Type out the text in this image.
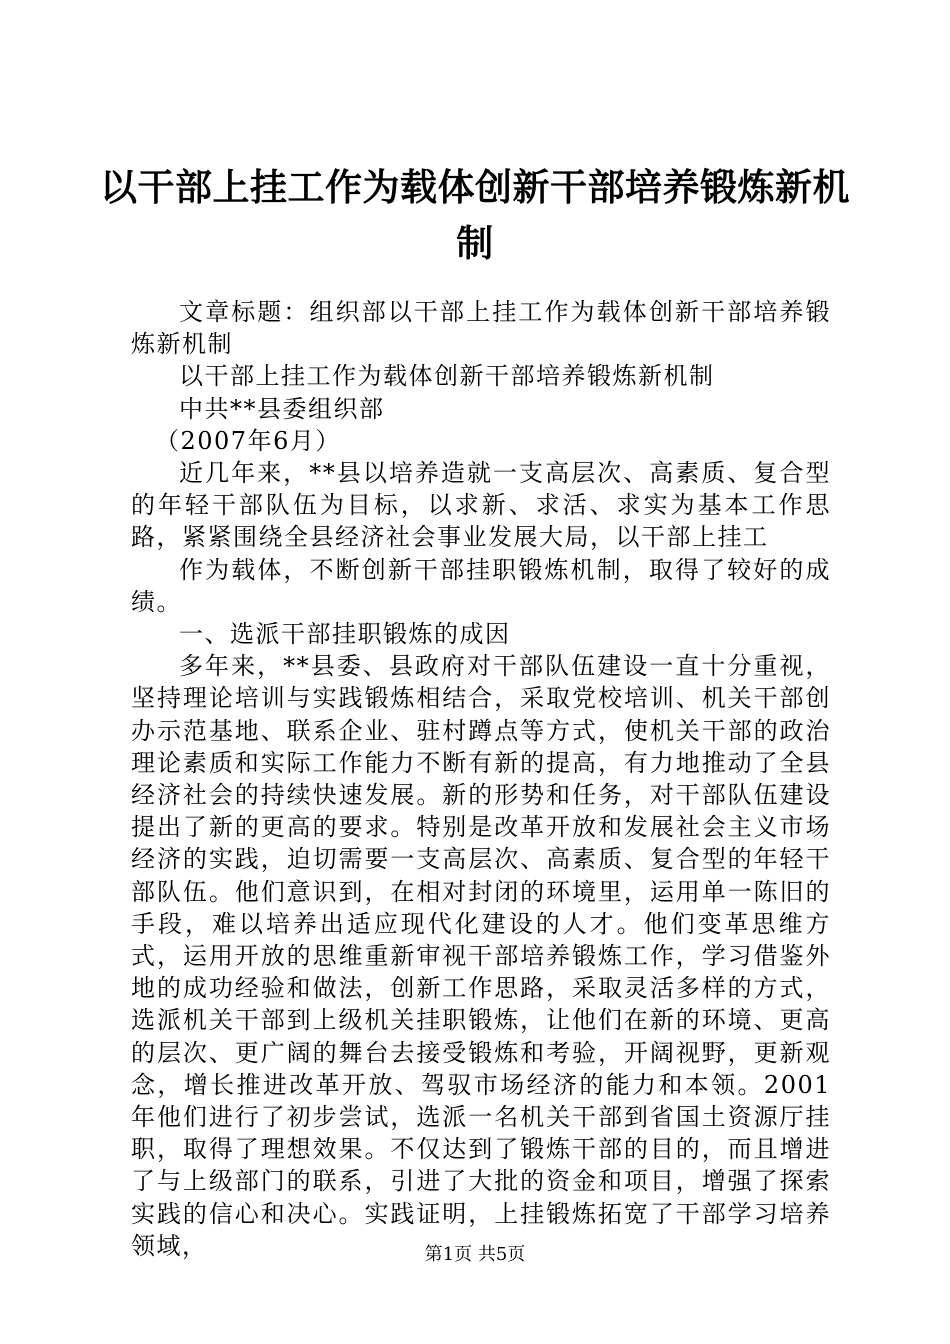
以干部上挂工作为载体创新干部培养锻炼新机制

文章标题：组织部以干部上挂工作为载体创新干部培养锻炼新机制

以干部上挂工作为载体创新干部培养锻炼新机制

中共**县委组织部

（2007年6月）

近几年来，**县以培养造就一支高层次、高素质、复合型的年轻干部队伍为目标，以求新、求活、求实为基本工作思路，紧紧围绕全县经济社会事业发展大局，以干部上挂工

作为载体，不断创新干部挂职锻炼机制，取得了较好的成绩。

一、选派干部挂职锻炼的成因

多年来，**县委、县政府对干部队伍建设一直十分重视，坚持理论培训与实践锻炼相结合，采取党校培训、机关干部创办示范基地、联系企业、驻村蹲点等方式，使机关干部的政治理论素质和实际工作能力不断有新的提高，有力地推动了全县经济社会的持续快速发展。新的形势和任务，对干部队伍建设提出了新的更高的要求。特别是改革开放和发展社会主义市场经济的实践，迫切需要一支高层次、高素质、复合型的年轻干部队伍。他们意识到，在相对封闭的环境里，运用单一陈旧的手段，难以培养出适应现代化建设的人才。他们变革思维方式，运用开放的思维重新审视干部培养锻炼工作，学习借鉴外地的成功经验和做法，创新工作思路，采取灵活多样的方式，选派机关干部到上级机关挂职锻炼，让他们在新的环境、更高的层次、更广阔的舞台去接受锻炼和考验，开阔视野，更新观念，增长推进改革开放、驾驭市场经济的能力和本领。2001年他们进行了初步尝试，选派一名机关干部到省国土资源厅挂职，取得了理想效果。不仅达到了锻炼干部的目的，而且增进了与上级部门的联系，引进了大批的资金和项目，增强了探索实践的信心和决心。实践证明，上挂锻炼拓宽了干部学习培养领域，	第1页 共5页
